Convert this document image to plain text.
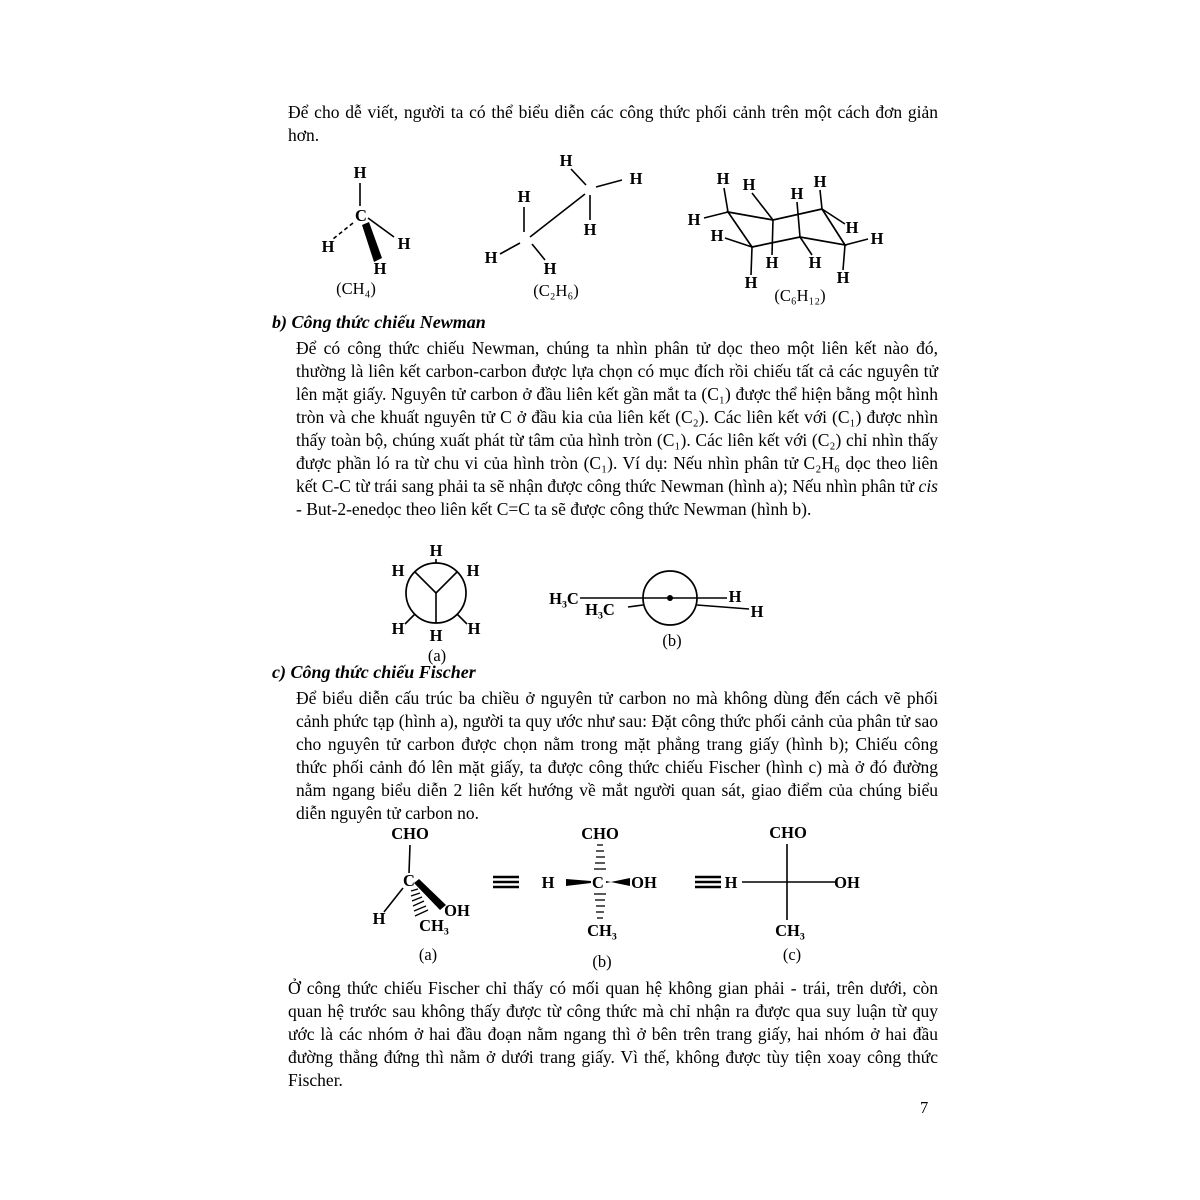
Để cho dễ viết, người ta có thể biểu diễn các công thức phối cảnh trên một cách đơn giản hơn.

H
C
H
H
H
(CH₄)
H
H
H
H
H
H
(C₂H₆)
H H H
H
H
H	H
H
H H
H	H
(C₆H₁₂)
b) Công thức chiếu Newman

Để có công thức chiếu Newman, chúng ta nhìn phân tử dọc theo một liên kết nào đó, thường là liên kết carbon-carbon được lựa chọn có mục đích rồi chiếu tất cả các nguyên tử lên mặt giấy. Nguyên tử carbon ở đầu liên kết gần mắt ta (C₁) được thể hiện bằng một hình tròn và che khuất nguyên tử C ở đầu kia của liên kết (C₂). Các liên kết với (C₁) được nhìn thấy toàn bộ, chúng xuất phát từ tâm của hình tròn (C₁). Các liên kết với (C₂) chỉ nhìn thấy được phần ló ra từ chu vi của hình tròn (C₁). Ví dụ: Nếu nhìn phân tử C₂H₆ dọc theo liên kết C-C từ trái sang phải ta sẽ nhận được công thức Newman (hình a); Nếu nhìn phân tử cis - But-2-enedọc theo liên kết C=C ta sẽ được công thức Newman (hình b).

H
H	H
H	H
H
(a)
H₃C
H₃C
H
H
(b)
c) Công thức chiếu Fischer

Để biểu diễn cấu trúc ba chiều ở nguyên tử carbon no mà không dùng đến cách vẽ phối cảnh phức tạp (hình a), người ta quy ước như sau: Đặt công thức phối cảnh của phân tử sao cho nguyên tử carbon được chọn nằm trong mặt phẳng trang giấy (hình b); Chiếu công thức phối cảnh đó lên mặt giấy, ta được công thức chiếu Fischer (hình c) mà ở đó đường nằm ngang biểu diễn 2 liên kết hướng về mắt người quan sát, giao điểm của chúng biểu diễn nguyên tử carbon no.

CHO
C
H CH₃
OH
(a)
CHO
C
H	OH
CH₃
(b)
CHO
H	OH
CH₃
(c)

Ở công thức chiếu Fischer chỉ thấy có mối quan hệ không gian phải - trái, trên dưới, còn quan hệ trước sau không thấy được từ công thức mà chỉ nhận ra được qua suy luận từ quy ước là các nhóm ở hai đầu đoạn nằm ngang thì ở bên trên trang giấy, hai nhóm ở hai đầu đường thẳng đứng thì nằm ở dưới trang giấy. Vì thế, không được tùy tiện xoay công thức Fischer.

7
